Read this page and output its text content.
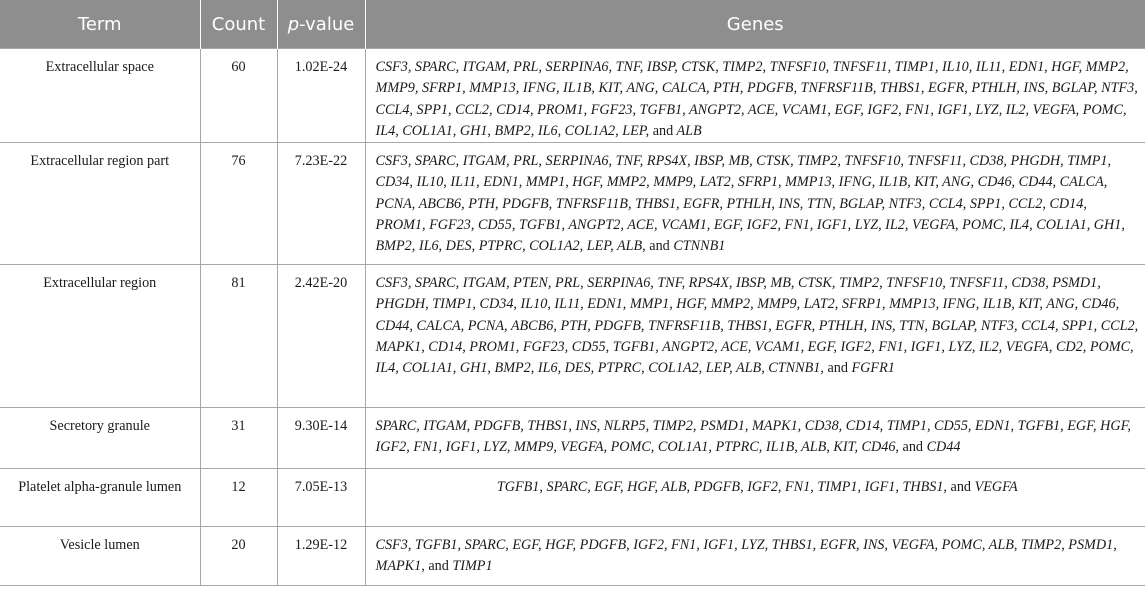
Term	Count	p-value	Genes
Extracellular space	60	1.02E-24	CSF3, SPARC, ITGAM, PRL, SERPINA6, TNF, IBSP, CTSK, TIMP2, TNFSF10, TNFSF11, TIMP1, IL10, IL11, EDN1, HGF, MMP2, MMP9, SFRP1, MMP13, IFNG, IL1B, KIT, ANG, CALCA, PTH, PDGFB, TNFRSF11B, THBS1, EGFR, PTHLH, INS, BGLAP, NTF3, CCL4, SPP1, CCL2, CD14, PROM1, FGF23, TGFB1, ANGPT2, ACE, VCAM1, EGF, IGF2, FN1, IGF1, LYZ, IL2, VEGFA, POMC, IL4, COL1A1, GH1, BMP2, IL6, COL1A2, LEP, and ALB
Extracellular region part	76	7.23E-22	CSF3, SPARC, ITGAM, PRL, SERPINA6, TNF, RPS4X, IBSP, MB, CTSK, TIMP2, TNFSF10, TNFSF11, CD38, PHGDH, TIMP1, CD34, IL10, IL11, EDN1, MMP1, HGF, MMP2, MMP9, LAT2, SFRP1, MMP13, IFNG, IL1B, KIT, ANG, CD46, CD44, CALCA, PCNA, ABCB6, PTH, PDGFB, TNFRSF11B, THBS1, EGFR, PTHLH, INS, TTN, BGLAP, NTF3, CCL4, SPP1, CCL2, CD14, PROM1, FGF23, CD55, TGFB1, ANGPT2, ACE, VCAM1, EGF, IGF2, FN1, IGF1, LYZ, IL2, VEGFA, POMC, IL4, COL1A1, GH1, BMP2, IL6, DES, PTPRC, COL1A2, LEP, ALB, and CTNNB1
Extracellular region	81	2.42E-20	CSF3, SPARC, ITGAM, PTEN, PRL, SERPINA6, TNF, RPS4X, IBSP, MB, CTSK, TIMP2, TNFSF10, TNFSF11, CD38, PSMD1, PHGDH, TIMP1, CD34, IL10, IL11, EDN1, MMP1, HGF, MMP2, MMP9, LAT2, SFRP1, MMP13, IFNG, IL1B, KIT, ANG, CD46, CD44, CALCA, PCNA, ABCB6, PTH, PDGFB, TNFRSF11B, THBS1, EGFR, PTHLH, INS, TTN, BGLAP, NTF3, CCL4, SPP1, CCL2, MAPK1, CD14, PROM1, FGF23, CD55, TGFB1, ANGPT2, ACE, VCAM1, EGF, IGF2, FN1, IGF1, LYZ, IL2, VEGFA, CD2, POMC, IL4, COL1A1, GH1, BMP2, IL6, DES, PTPRC, COL1A2, LEP, ALB, CTNNB1, and FGFR1
Secretory granule	31	9.30E-14	SPARC, ITGAM, PDGFB, THBS1, INS, NLRP5, TIMP2, PSMD1, MAPK1, CD38, CD14, TIMP1, CD55, EDN1, TGFB1, EGF, HGF, IGF2, FN1, IGF1, LYZ, MMP9, VEGFA, POMC, COL1A1, PTPRC, IL1B, ALB, KIT, CD46, and CD44
Platelet alpha-granule lumen	12	7.05E-13	TGFB1, SPARC, EGF, HGF, ALB, PDGFB, IGF2, FN1, TIMP1, IGF1, THBS1, and VEGFA
Vesicle lumen	20	1.29E-12	CSF3, TGFB1, SPARC, EGF, HGF, PDGFB, IGF2, FN1, IGF1, LYZ, THBS1, EGFR, INS, VEGFA, POMC, ALB, TIMP2, PSMD1, MAPK1, and TIMP1
